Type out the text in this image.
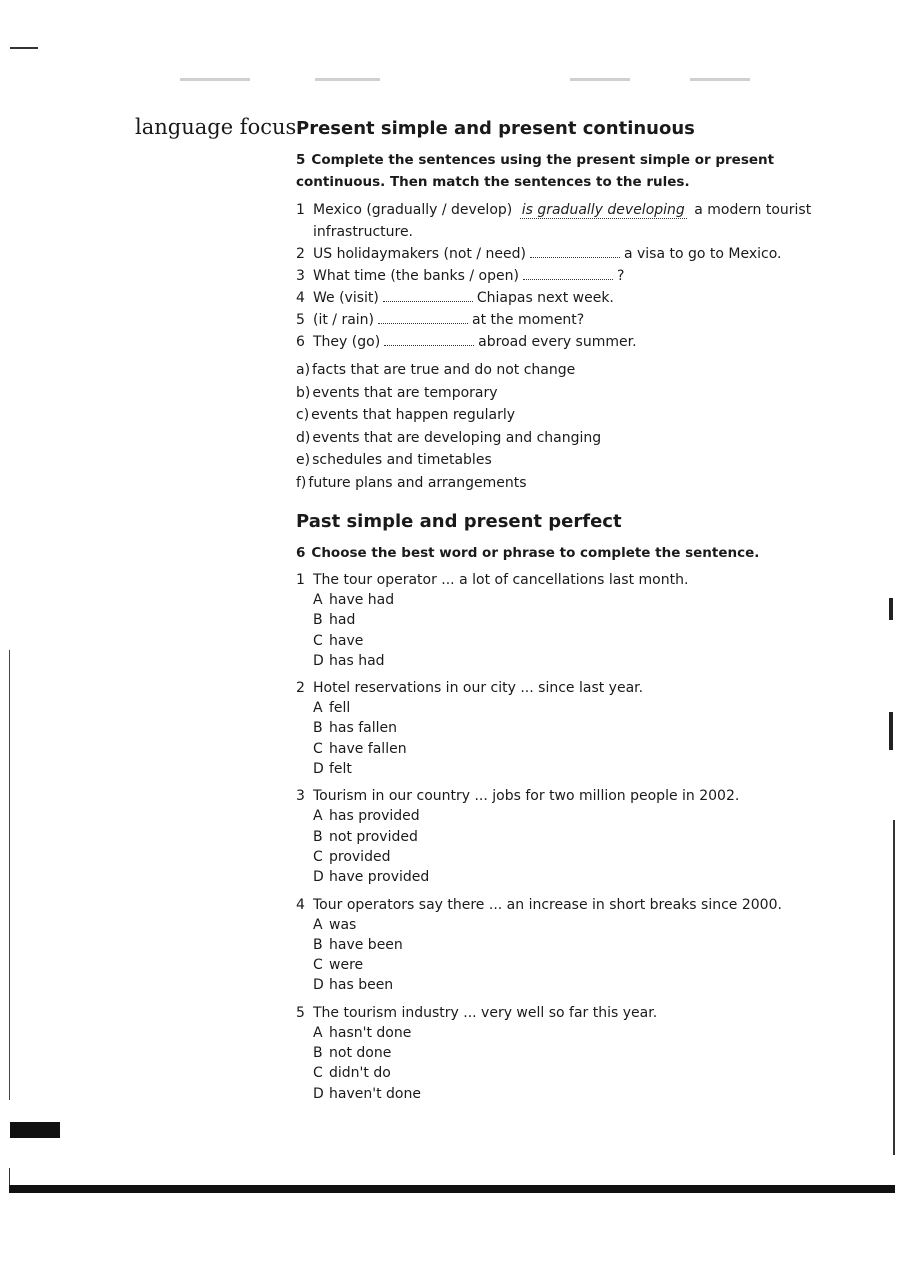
language focus Present simple and present continuous

5 Complete the sentences using the present simple or present continuous. Then match the sentences to the rules.

1 Mexico (gradually / develop) is gradually developing a modern tourist infrastructure.
2 US holidaymakers (not / need)	a visa to go to Mexico.
3 What time (the banks / open)	?
4 We (visit)	Chiapas next week.
5 (it / rain)	at the moment?
6 They (go)	abroad every summer.
a) facts that are true and do not change
b) events that are temporary
c) events that happen regularly
d) events that are developing and changing
e) schedules and timetables
f) future plans and arrangements
Past simple and present perfect

6 Choose the best word or phrase to complete the sentence.

1 The tour operator ... a lot of cancellations last month.
A have had
B had
C have
D has had
2 Hotel reservations in our city ... since last year.
A fell
B has fallen
C have fallen
D felt
3 Tourism in our country ... jobs for two million people in 2002.
A has provided
B not provided
C provided
D have provided
4 Tour operators say there ... an increase in short breaks since 2000.
A was
B have been
C were
D has been
5 The tourism industry ... very well so far this year.
A hasn't done
B not done
C didn't do
D haven't done
